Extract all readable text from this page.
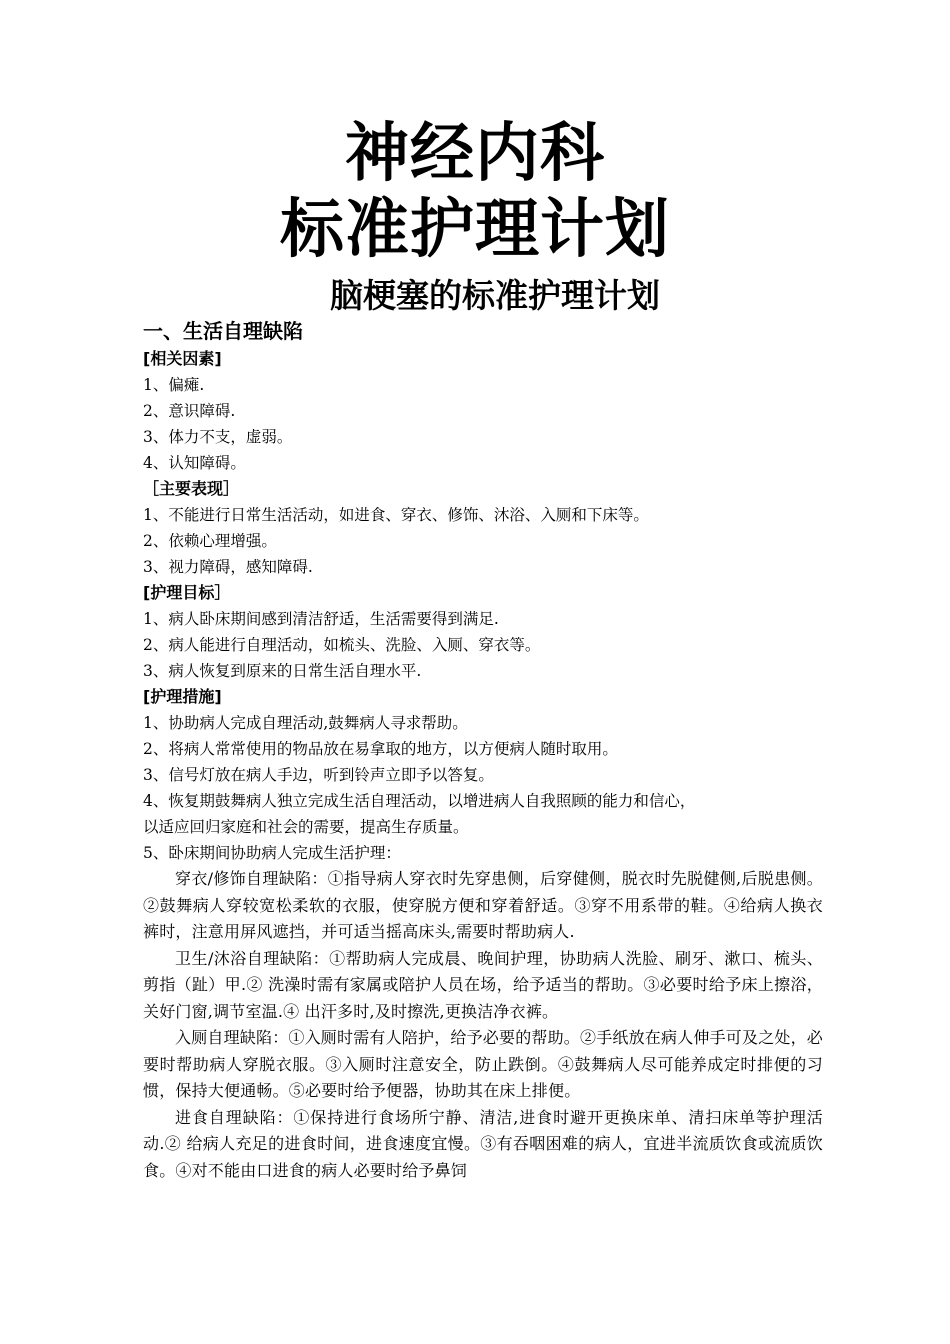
神经内科
标准护理计划
脑梗塞的标准护理计划
一、生活自理缺陷
[相关因素]
1、偏瘫.
2、意识障碍.
3、体力不支，虚弱。
4、认知障碍。
［主要表现］
1、不能进行日常生活活动，如进食、穿衣、修饰、沐浴、入厕和下床等。
2、依赖心理增强。
3、视力障碍，感知障碍.
[护理目标］
1、病人卧床期间感到清洁舒适，生活需要得到满足.
2、病人能进行自理活动，如梳头、洗脸、入厕、穿衣等。
3、病人恢复到原来的日常生活自理水平.
[护理措施]
1、协助病人完成自理活动,鼓舞病人寻求帮助。
2、将病人常常使用的物品放在易拿取的地方，以方便病人随时取用。
3、信号灯放在病人手边，听到铃声立即予以答复。
4、恢复期鼓舞病人独立完成生活自理活动，以增进病人自我照顾的能力和信心，
以适应回归家庭和社会的需要，提高生存质量。
5、卧床期间协助病人完成生活护理：

穿衣/修饰自理缺陷：①指导病人穿衣时先穿患侧，后穿健侧，脱衣时先脱健侧,后脱患侧。②鼓舞病人穿较宽松柔软的衣服，使穿脱方便和穿着舒适。③穿不用系带的鞋。④给病人换衣裤时，注意用屏风遮挡，并可适当摇高床头,需要时帮助病人.

卫生/沐浴自理缺陷：①帮助病人完成晨、晚间护理，协助病人洗脸、刷牙、漱口、梳头、剪指（趾）甲.② 洗澡时需有家属或陪护人员在场，给予适当的帮助。③必要时给予床上擦浴，关好门窗,调节室温.④ 出汗多时,及时擦洗,更换洁净衣裤。

入厕自理缺陷：①入厕时需有人陪护，给予必要的帮助。②手纸放在病人伸手可及之处，必要时帮助病人穿脱衣服。③入厕时注意安全，防止跌倒。④鼓舞病人尽可能养成定时排便的习惯，保持大便通畅。⑤必要时给予便器，协助其在床上排便。

进食自理缺陷：①保持进行食场所宁静、清洁,进食时避开更换床单、清扫床单等护理活动.② 给病人充足的进食时间，进食速度宜慢。③有吞咽困难的病人，宜进半流质饮食或流质饮食。④对不能由口进食的病人必要时给予鼻饲
